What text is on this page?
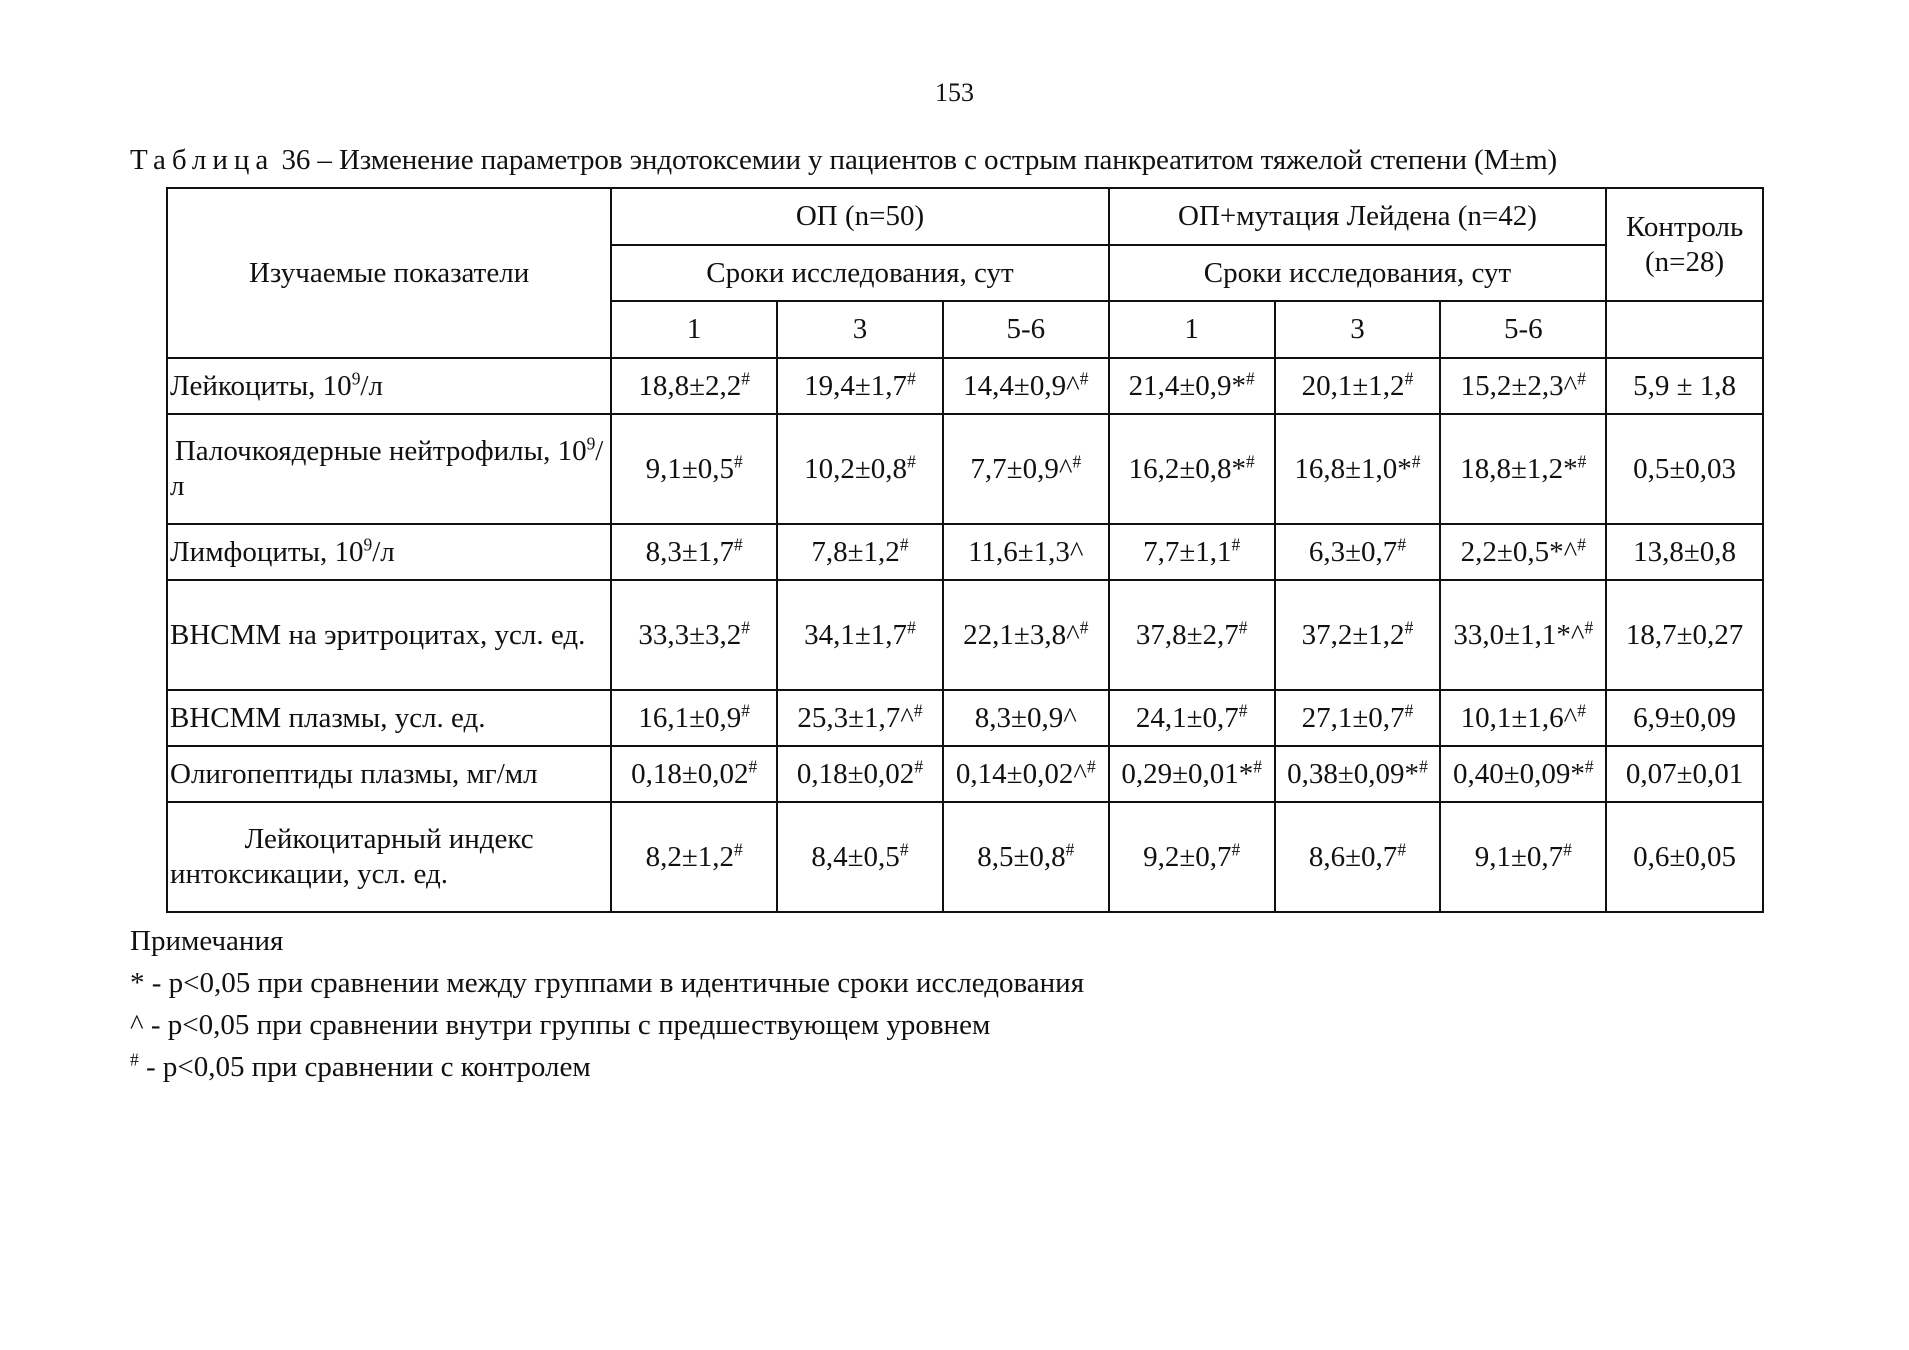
153
Таблица 36 – Изменение параметров эндотоксемии у пациентов с острым панкреатитом тяжелой степени (M±m)
Изучаемые показатели	ОП (n=50)			ОП+мутация Лейдена (n=42)			Контроль (n=28)
	Сроки исследования, сут			Сроки исследования, сут			
	1	3	5-6	1	3	5-6	
Лейкоциты, $10^9/л$	18,8±2,2#	19,4±1,7#	14,4±0,9^#	21,4±0,9*#	20,1±1,2#	15,2±2,3^#	5,9 ± 1,8
Палочкоядерные нейтрофилы, $10^9/л$	9,1±0,5#	10,2±0,8#	7,7±0,9^#	16,2±0,8*#	16,8±1,0*#	18,8±1,2*#	0,5±0,03
Лимфоциты, $10^9/л$	8,3±1,7#	7,8±1,2#	11,6±1,3^	7,7±1,1#	6,3±0,7#	2,2±0,5*^#	13,8±0,8
ВНСММ на эритроцитах, усл. ед.	33,3±3,2#	34,1±1,7#	22,1±3,8^#	37,8±2,7#	37,2±1,2#	33,0±1,1*^#	18,7±0,27
ВНСММ плазмы, усл. ед.	16,1±0,9#	25,3±1,7^#	8,3±0,9^	24,1±0,7#	27,1±0,7#	10,1±1,6^#	6,9±0,09
Олигопептиды плазмы, мг/мл	0,18±0,02#	0,18±0,02#	0,14±0,02^#	0,29±0,01*#	0,38±0,09*#	0,40±0,09*#	0,07±0,01
Лейкоцитарный индекс интоксикации, усл. ед.	8,2±1,2#	8,4±0,5#	8,5±0,8#	9,2±0,7#	8,6±0,7#	9,1±0,7#	0,6±0,05
Примечания
* - р<0,05 при сравнении между группами в идентичные сроки исследования
^ - р<0,05 при сравнении внутри группы с предшествующем уровнем
# - р<0,05 при сравнении с контролем
